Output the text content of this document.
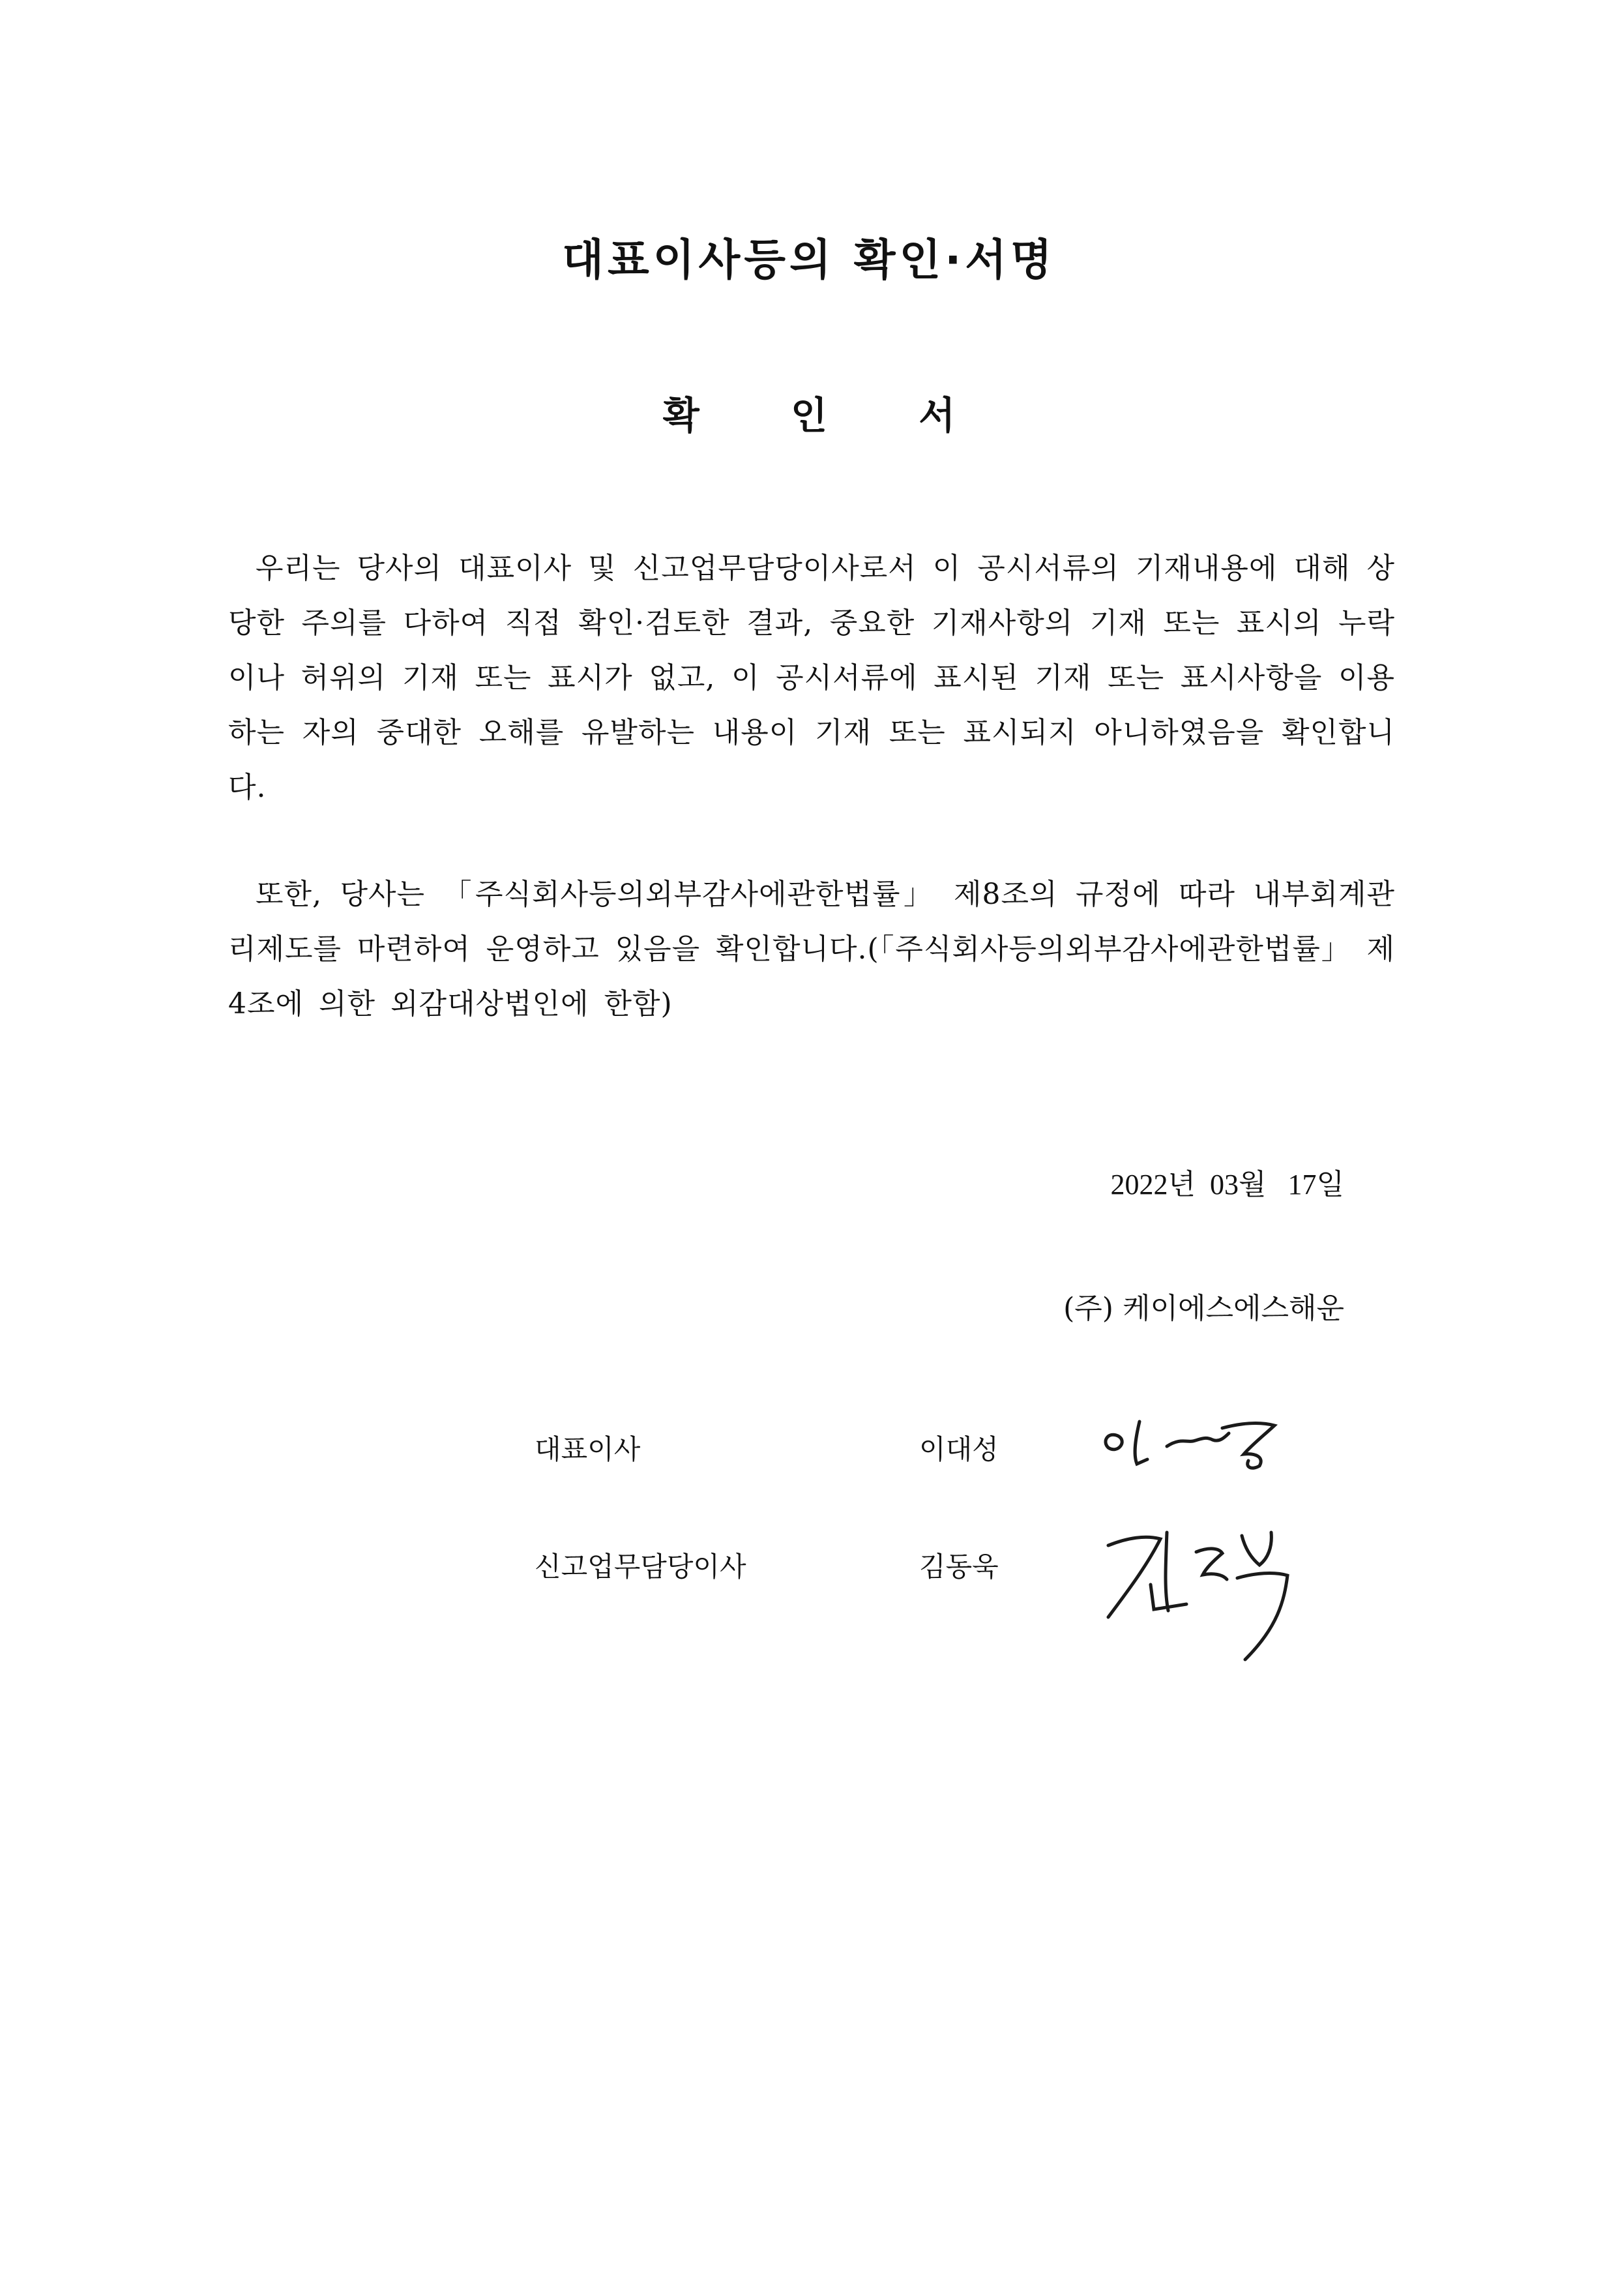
대표이사등의 확인·서명
확 인 서

우리는 당사의 대표이사 및 신고업무담당이사로서 이 공시서류의 기재내용에 대해 상당한 주의를 다하여 직접 확인·검토한 결과, 중요한 기재사항의 기재 또는 표시의 누락이나 허위의 기재 또는 표시가 없고, 이 공시서류에 표시된 기재 또는 표시사항을 이용하는 자의 중대한 오해를 유발하는 내용이 기재 또는 표시되지 아니하였음을 확인합니다.

또한, 당사는 「주식회사등의외부감사에관한법률」 제8조의 규정에 따라 내부회계관리제도를 마련하여 운영하고 있음을 확인합니다.(「주식회사등의외부감사에관한법률」 제4조에 의한 외감대상법인에 한함)

2022년  03월   17일

(주) 케이에스에스해운

대표이사	이대성

신고업무담당이사	김동욱
